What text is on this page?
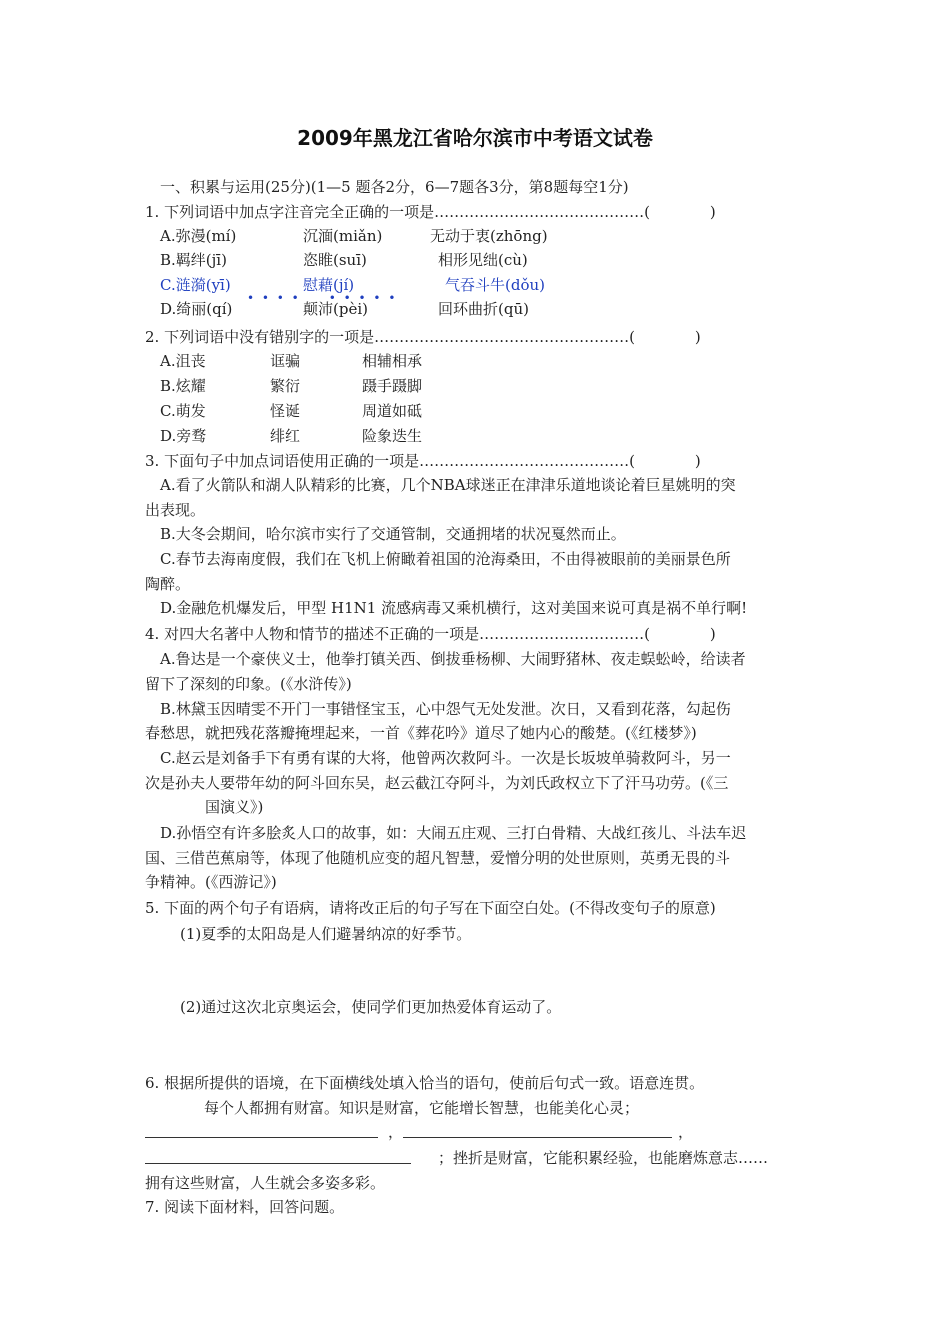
2009年黑龙江省哈尔滨市中考语文试卷
一、积累与运用(25分)(1—5 题各2分，6—7题各3分，第8题每空1分)
1. 下列词语中加点字注音完全正确的一项是……………………………………(　　　　)
A.弥漫(mí)	沉湎(miǎn)	无动于衷(zhōng)
B.羁绊(jī)	恣睢(suī)	相形见绌(cù)
C.涟漪(yī)	慰藉(jí)	气吞斗牛(dǒu)
• • • •　　• • • • •
D.绮丽(qí)	颠沛(pèi)	回环曲折(qū)
2. 下列词语中没有错别字的一项是……………………………………………(　　　　)
A.沮丧	诓骗	相辅相承
B.炫耀	繁衍	蹑手蹑脚
C.萌发	怪诞	周道如砥
D.旁骛	绯红	险象迭生
3. 下面句子中加点词语使用正确的一项是……………………………………(　　　　)
A.看了火箭队和湖人队精彩的比赛，几个NBA球迷正在津津乐道地谈论着巨星姚明的突
出表现。
B.大冬会期间，哈尔滨市实行了交通管制，交通拥堵的状况戛然而止。
C.春节去海南度假，我们在飞机上俯瞰着祖国的沧海桑田，不由得被眼前的美丽景色所
陶醉。
D.金融危机爆发后，甲型 H1N1 流感病毒又乘机横行，这对美国来说可真是祸不单行啊!
4. 对四大名著中人物和情节的描述不正确的一项是……………………………(　　　　)
A.鲁达是一个豪侠义士，他拳打镇关西、倒拔垂杨柳、大闹野猪林、夜走蜈蚣岭，给读者
留下了深刻的印象。(《水浒传》)
B.林黛玉因晴雯不开门一事错怪宝玉，心中怨气无处发泄。次日，又看到花落，勾起伤
春愁思，就把残花落瓣掩埋起来，一首《葬花吟》道尽了她内心的酸楚。(《红楼梦》)
C.赵云是刘备手下有勇有谋的大将，他曾两次救阿斗。一次是长坂坡单骑救阿斗，另一
次是孙夫人要带年幼的阿斗回东吴，赵云截江夺阿斗，为刘氏政权立下了汗马功劳。(《三
国演义》)
D.孙悟空有许多脍炙人口的故事，如：大闹五庄观、三打白骨精、大战红孩儿、斗法车迟
国、三借芭蕉扇等，体现了他随机应变的超凡智慧，爱憎分明的处世原则，英勇无畏的斗
争精神。(《西游记》)
5. 下面的两个句子有语病，请将改正后的句子写在下面空白处。(不得改变句子的原意)
(1)夏季的太阳岛是人们避暑纳凉的好季节。
(2)通过这次北京奥运会，使同学们更加热爱体育运动了。
6. 根据所提供的语境，在下面横线处填入恰当的语句，使前后句式一致。语意连贯。
每个人都拥有财富。知识是财富，它能增长智慧，也能美化心灵；
，	，
；挫折是财富，它能积累经验，也能磨炼意志……
拥有这些财富，人生就会多姿多彩。
7. 阅读下面材料，回答问题。
